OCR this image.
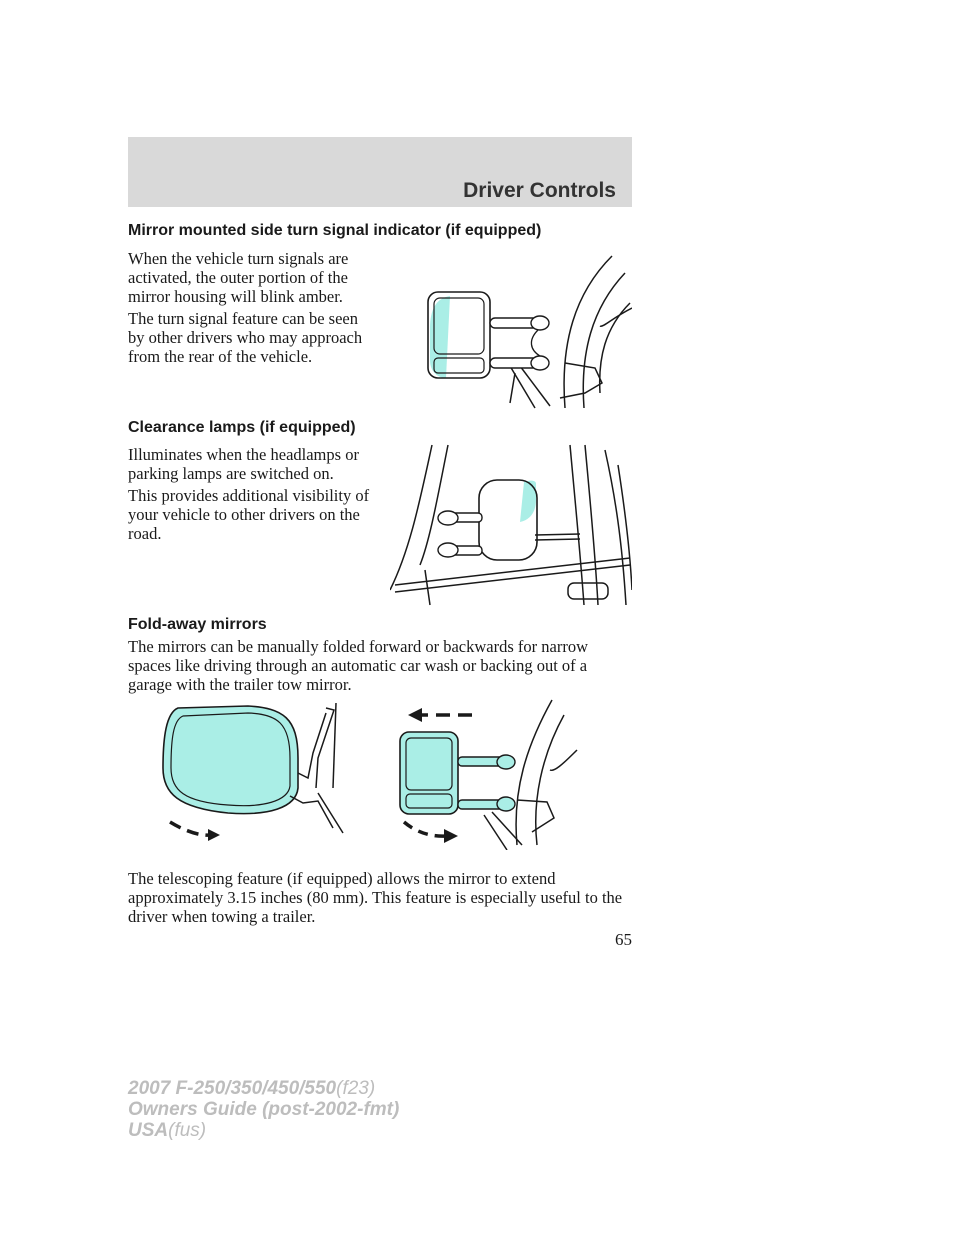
Driver Controls
Mirror mounted side turn signal indicator (if equipped)

When the vehicle turn signals are activated, the outer portion of the mirror housing will blink amber.

The turn signal feature can be seen by other drivers who may approach from the rear of the vehicle.

Clearance lamps (if equipped)

Illuminates when the headlamps or parking lamps are switched on.

This provides additional visibility of your vehicle to other drivers on the road.

Fold-away mirrors

The mirrors can be manually folded forward or backwards for narrow spaces like driving through an automatic car wash or backing out of a garage with the trailer tow mirror.

The telescoping feature (if equipped) allows the mirror to extend approximately 3.15 inches (80 mm). This feature is especially useful to the driver when towing a trailer.

65
2007 F-250/350/450/550(f23)
Owners Guide (post-2002-fmt)
USA(fus)
